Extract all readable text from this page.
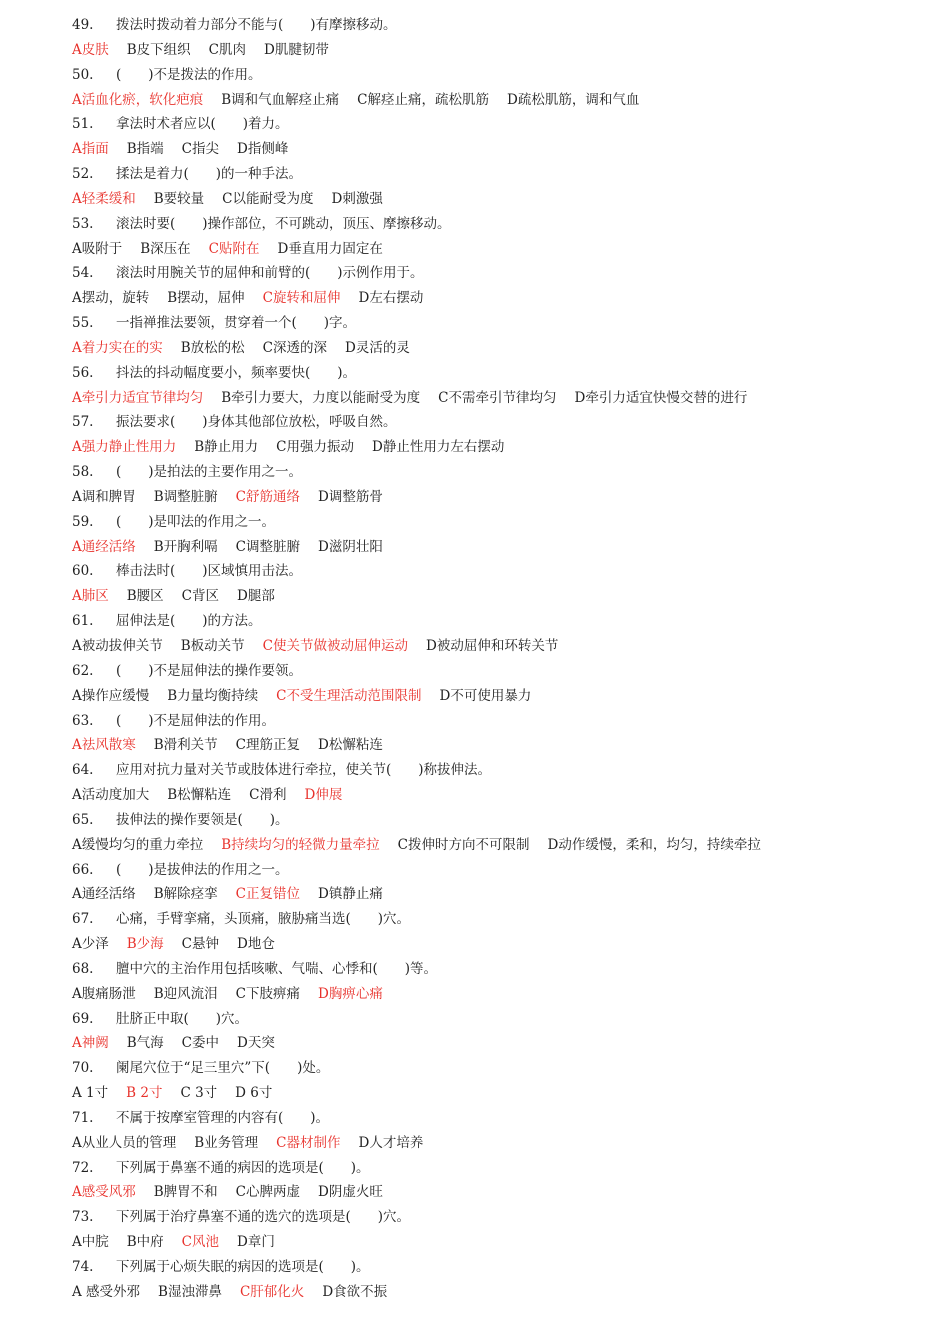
49. 拨法时拨动着力部分不能与(　　)有摩擦移动。
A皮肤 B皮下组织 C肌肉 D肌腱韧带
50. (　　)不是拨法的作用。
A活血化瘀，软化疤痕 B调和气血解痉止痛 C解痉止痛，疏松肌筋 D疏松肌筋，调和气血
51. 拿法时术者应以(　　)着力。
A指面 B指端 C指尖 D指侧峰
52. 揉法是着力(　　)的一种手法。
A轻柔缓和 B要较量 C以能耐受为度 D刺激强
53. 滚法时要(　　)操作部位，不可跳动，顶压、摩擦移动。
A吸附于 B深压在 C贴附在 D垂直用力固定在
54. 滚法时用腕关节的屈伸和前臂的(　　)示例作用于。
A摆动，旋转 B摆动，屈伸 C旋转和屈伸 D左右摆动
55. 一指禅推法要领，贯穿着一个(　　)字。
A着力实在的实 B放松的松 C深透的深 D灵活的灵
56. 抖法的抖动幅度要小，频率要快(　　)。
A牵引力适宜节律均匀 B牵引力要大，力度以能耐受为度 C不需牵引节律均匀 D牵引力适宜快慢交替的进行
57. 振法要求(　　)身体其他部位放松，呼吸自然。
A强力静止性用力 B静止用力 C用强力振动 D静止性用力左右摆动
58. (　　)是拍法的主要作用之一。
A调和脾胃 B调整脏腑 C舒筋通络 D调整筋骨
59. (　　)是叩法的作用之一。
A通经活络 B开胸利嗝 C调整脏腑 D滋阴壮阳
60. 棒击法时(　　)区域慎用击法。
A肺区 B腰区 C背区 D腿部
61. 屈伸法是(　　)的方法。
A被动拔伸关节 B板动关节 C使关节做被动屈伸运动 D被动屈伸和环转关节
62. (　　)不是屈伸法的操作要领。
A操作应缓慢 B力量均衡持续 C不受生理活动范围限制 D不可使用暴力
63. (　　)不是屈伸法的作用。
A祛风散寒 B滑利关节 C理筋正复 D松懈粘连
64. 应用对抗力量对关节或肢体进行牵拉，使关节(　　)称拔伸法。
A活动度加大 B松懈粘连 C滑利 D伸展
65. 拔伸法的操作要领是(　　)。
A缓慢均匀的重力牵拉 B持续均匀的轻微力量牵拉 C拨伸时方向不可限制 D动作缓慢，柔和，均匀，持续牵拉
66. (　　)是拔伸法的作用之一。
A通经活络 B解除痉挛 C正复错位 D镇静止痛
67. 心痛，手臂挛痛，头顶痛，腋胁痛当选(　　)穴。
A少泽 B少海 C悬钟 D地仓
68. 膻中穴的主治作用包括咳嗽、气喘、心悸和(　　)等。
A腹痛肠泄 B迎风流泪 C下肢痹痛 D胸痹心痛
69. 肚脐正中取(　　)穴。
A神阙 B气海 C委中 D天突
70. 阑尾穴位于“足三里穴”下(　　)处。
A 1寸 B 2寸 C 3寸 D 6寸
71. 不属于按摩室管理的内容有(　　)。
A从业人员的管理 B业务管理 C器材制作 D人才培养
72. 下列属于鼻塞不通的病因的选项是(　　)。
A感受风邪 B脾胃不和 C心脾两虚 D阴虚火旺
73. 下列属于治疗鼻塞不通的选穴的选项是(　　)穴。
A中脘 B中府 C风池 D章门
74. 下列属于心烦失眠的病因的选项是(　　)。
A 感受外邪 B湿浊滞鼻 C肝郁化火 D食欲不振
